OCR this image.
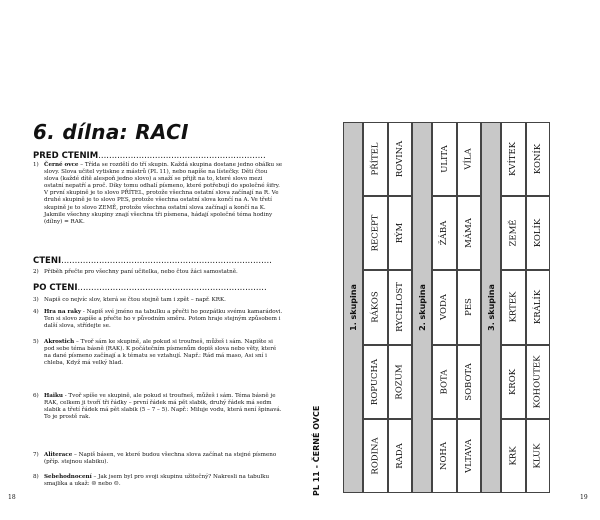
6. dílna: RACI
PŘED ČTENÍM..............................................................
1) Černé ovce – Třída se rozdělí do tří skupin. Každá skupina dostane jedno obálku se slovy. Slova učitel vytiskne z mástrů (PL 11), nebo napíše na lístečky. Děti čtou slova (každé dítě alespoň jedno slovo) a snaží se přijít na to, které slovo mezi ostatní nepatří a proč. Díky tomu odhalí písmeno, které potřebují do společné šifry. V první skupině je to slovo PŘÍTEL, protože všechna ostatní slova začínají na R. Ve druhé skupině je to slovo PES, protože všechna ostatní slova končí na A. Ve třetí skupině je to slovo ZEMĚ, protože všechna ostatní slova začínají a končí na K. Jakmile všechny skupiny znají všechna tři písmena, hádají společné téma hodiny (dílny) = RAK.
ČTENÍ..............................................................................
2) Přiběh přečte pro všechny paní učitelka, nebo čtou žáci samostatně.
PO ČTENÍ......................................................................
3) Napiš co nejvíc slov, která se čtou stejně tam i zpět – např. KRK.
4) Hra na raky - Napiš své jméno na tabulku a přečti ho pozpátku svému kamarádovi. Ten si slovo zapíše a přečte ho v původním směru. Potom hraje stejným způsobem i další slova, střídejte se.
5) Akrostich – Tvoř sám ke skupině, ale pokud si troufneš, můžeš i sám. Napište si pod sebe téma básně (RAK). K počátečním písmenům dopiš slova nebo věty, které na dané písmeno začínají a k tématu se vztahují. Např.: Rád má maso, Asi sní i chleba, Když má velký hlad.
6) Haiku - Tvoř spíše ve skupině, ale pokud si troufneš, můžeš i sám. Téma básně je RAK, celkem ji tvoří tři řádky – první řádek má pět slabik, druhý řádek má sedm slabik a třetí řádek má pět slabik (5 – 7 – 5). Např.: Miluje vodu, která není špinavá. To je prostě rak.
7) Aliterace – Napiš básen, ve které budou všechna slova začínat na stejné písmeno (příp. stejnou slabiku).
8) Sebehodnocení – Jak jsem byl pro svoji skupinu užitečný? Nakresli na tabulku smajlíka a ukaž: ☺ nebo ☹.
18
PL 11 - ČERNÉ OVCE
1. skupina
RODINA
ROPUCHA
RÁKOS
RECEPT
PŘÍTEL
RADA
ROZUM
RYCHLOST
RÝM
ROVINA
2. skupina
NOHA
BOTA
VODA
ŽÁBA
ULITA
VLTAVA
SOBOTA
PES
MÁMA
VÍLA
3. skupina
KRK
KROK
KRTEK
ZEMĚ
KVÍTEK
KLUK
KOHOUTEK
KRÁLÍK
KOLÍK
KONÍK
19
